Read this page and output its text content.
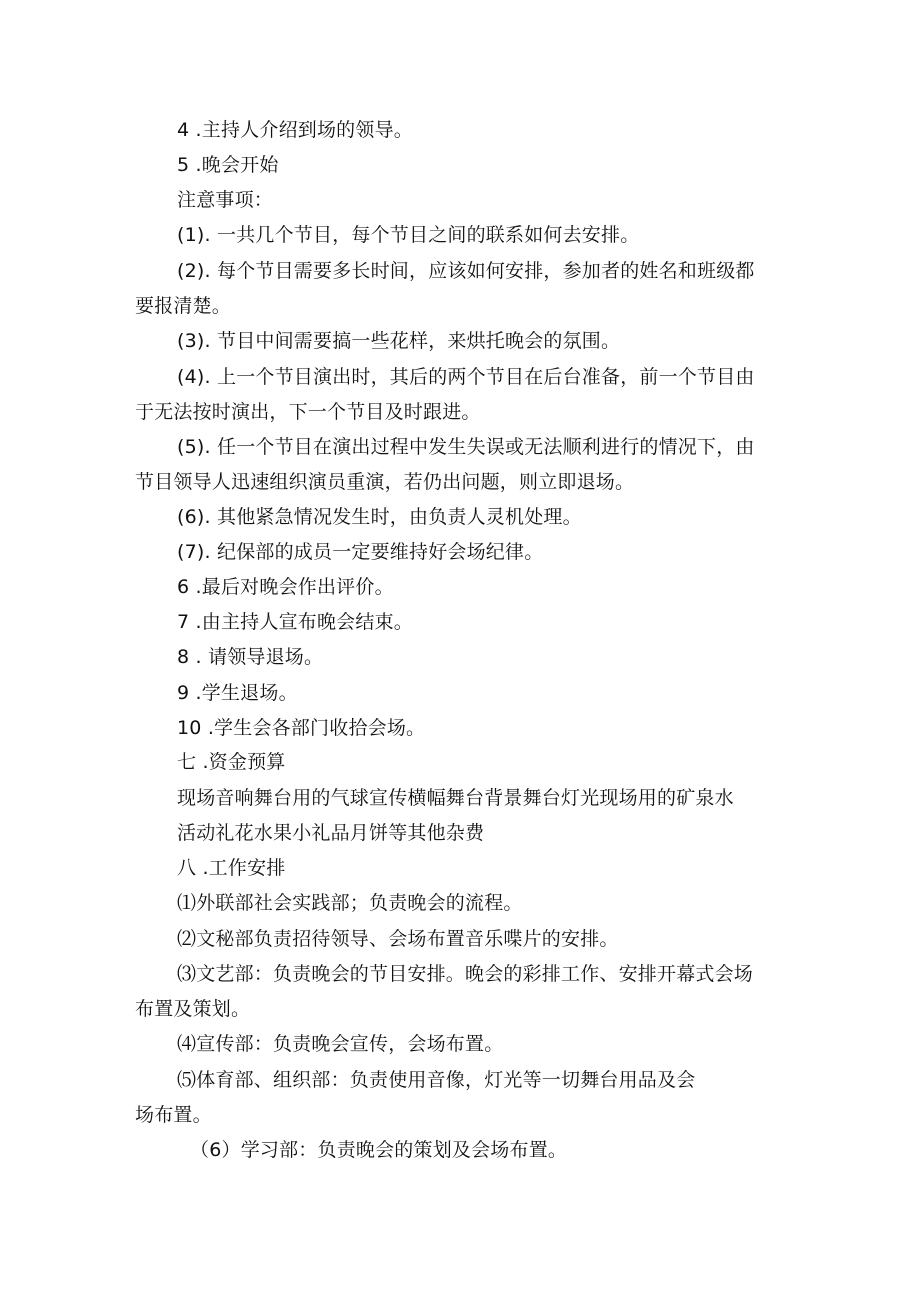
4 .主持人介绍到场的领导。
5 .晚会开始
注意事项：
(1). 一共几个节目，每个节目之间的联系如何去安排。
(2). 每个节目需要多长时间，应该如何安排，参加者的姓名和班级都
要报清楚。
(3). 节目中间需要搞一些花样，来烘托晚会的氛围。
(4). 上一个节目演出时，其后的两个节目在后台准备，前一个节目由
于无法按时演出，下一个节目及时跟进。
(5). 任一个节目在演出过程中发生失误或无法顺利进行的情况下，由
节目领导人迅速组织演员重演，若仍出问题，则立即退场。
(6). 其他紧急情况发生时，由负责人灵机处理。
(7). 纪保部的成员一定要维持好会场纪律。
6 .最后对晚会作出评价。
7 .由主持人宣布晚会结束。
8 . 请领导退场。
9 .学生退场。
10 .学生会各部门收拾会场。
七 .资金预算
现场音响舞台用的气球宣传横幅舞台背景舞台灯光现场用的矿泉水
活动礼花水果小礼品月饼等其他杂费
八 .工作安排
⑴外联部社会实践部；负责晚会的流程。
⑵文秘部负责招待领导、会场布置音乐喋片的安排。
⑶文艺部：负责晚会的节目安排。晚会的彩排工作、安排开幕式会场
布置及策划。
⑷宣传部：负责晚会宣传，会场布置。
⑸体育部、组织部：负责使用音像，灯光等一切舞台用品及会
场布置。
（6）学习部：负责晚会的策划及会场布置。
